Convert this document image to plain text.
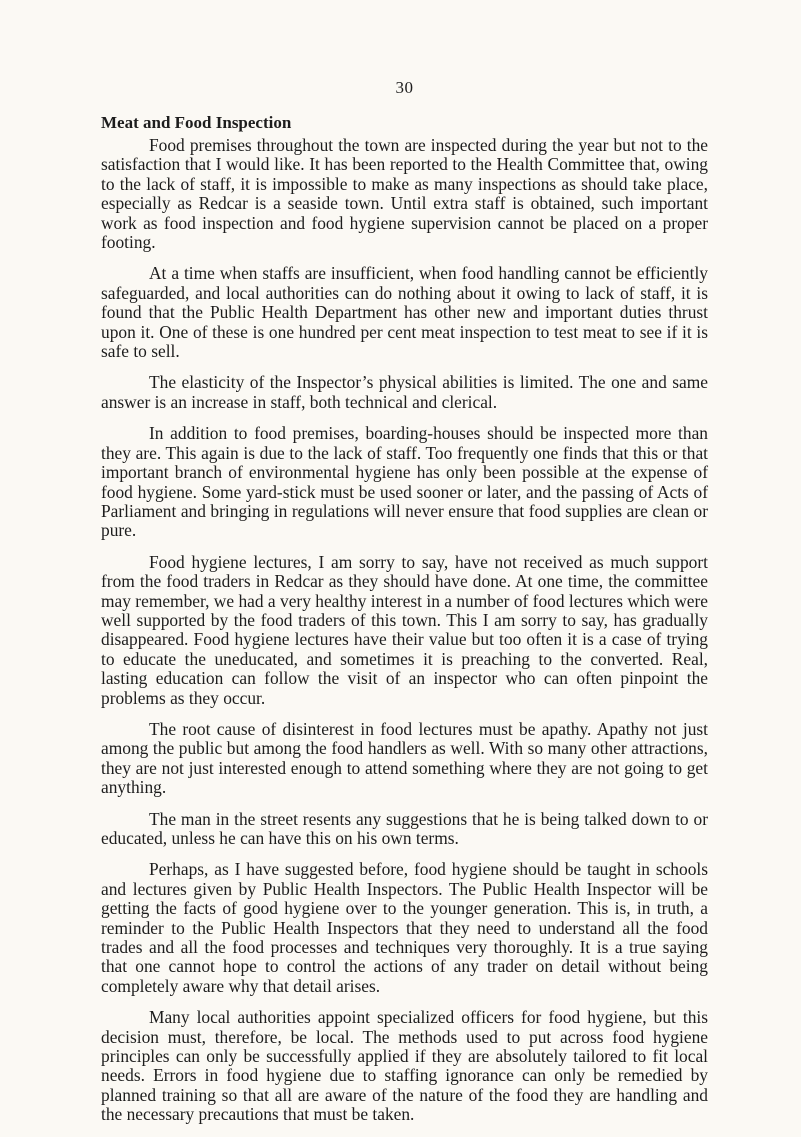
30
Meat and Food Inspection

Food premises throughout the town are inspected during the year but not to the satisfaction that I would like. It has been reported to the Health Committee that, owing to the lack of staff, it is impossible to make as many inspections as should take place, especially as Redcar is a seaside town. Until extra staff is obtained, such important work as food inspection and food hygiene supervision cannot be placed on a proper footing.

At a time when staffs are insufficient, when food handling cannot be efficiently safeguarded, and local authorities can do nothing about it owing to lack of staff, it is found that the Public Health Department has other new and important duties thrust upon it. One of these is one hundred per cent meat inspection to test meat to see if it is safe to sell.

The elasticity of the Inspector’s physical abilities is limited. The one and same answer is an increase in staff, both technical and clerical.

In addition to food premises, boarding-houses should be inspected more than they are. This again is due to the lack of staff. Too frequently one finds that this or that important branch of environmental hygiene has only been possible at the expense of food hygiene. Some yard-stick must be used sooner or later, and the passing of Acts of Parliament and bringing in regulations will never ensure that food supplies are clean or pure.

Food hygiene lectures, I am sorry to say, have not received as much support from the food traders in Redcar as they should have done. At one time, the committee may remember, we had a very healthy interest in a number of food lectures which were well supported by the food traders of this town. This I am sorry to say, has gradually disappeared. Food hygiene lectures have their value but too often it is a case of trying to educate the uneducated, and sometimes it is preaching to the converted. Real, lasting education can follow the visit of an inspector who can often pinpoint the problems as they occur.

The root cause of disinterest in food lectures must be apathy. Apathy not just among the public but among the food handlers as well. With so many other attractions, they are not just interested enough to attend something where they are not going to get anything.

The man in the street resents any suggestions that he is being talked down to or educated, unless he can have this on his own terms.

Perhaps, as I have suggested before, food hygiene should be taught in schools and lectures given by Public Health Inspectors. The Public Health Inspector will be getting the facts of good hygiene over to the younger generation. This is, in truth, a reminder to the Public Health Inspectors that they need to understand all the food trades and all the food processes and techniques very thoroughly. It is a true saying that one cannot hope to control the actions of any trader on detail without being completely aware why that detail arises.

Many local authorities appoint specialized officers for food hygiene, but this decision must, therefore, be local. The methods used to put across food hygiene principles can only be successfully applied if they are absolutely tailored to fit local needs. Errors in food hygiene due to staffing ignorance can only be remedied by planned training so that all are aware of the nature of the food they are handling and the necessary precautions that must be taken.
